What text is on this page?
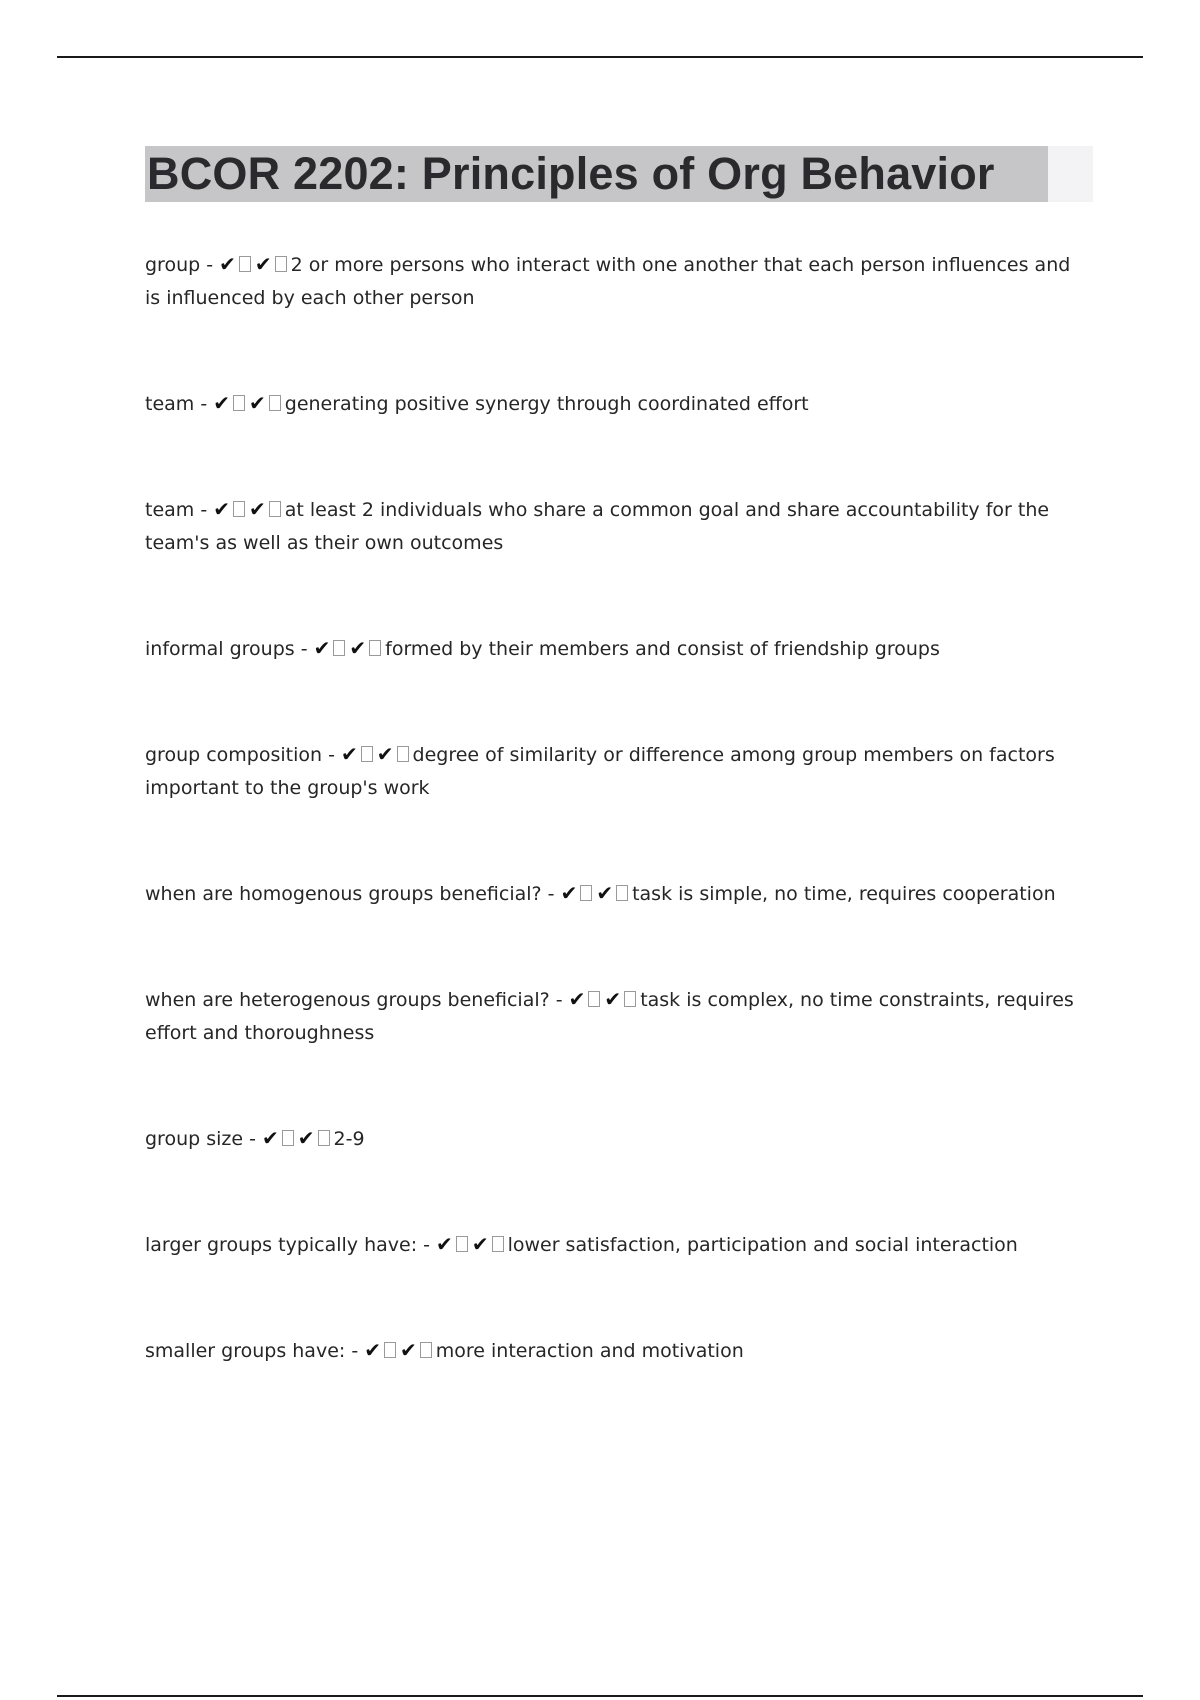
BCOR 2202: Principles of Org Behavior

group - ✔ ✔ 2 or more persons who interact with one another that each person influences and is influenced by each other person

team - ✔ ✔ generating positive synergy through coordinated effort

team - ✔ ✔ at least 2 individuals who share a common goal and share accountability for the team's as well as their own outcomes

informal groups - ✔ ✔ formed by their members and consist of friendship groups

group composition - ✔ ✔ degree of similarity or difference among group members on factors important to the group's work

when are homogenous groups beneficial? - ✔ ✔ task is simple, no time, requires cooperation

when are heterogenous groups beneficial? - ✔ ✔ task is complex, no time constraints, requires effort and thoroughness

group size - ✔ ✔ 2-9

larger groups typically have: - ✔ ✔ lower satisfaction, participation and social interaction

smaller groups have: - ✔ ✔ more interaction and motivation
